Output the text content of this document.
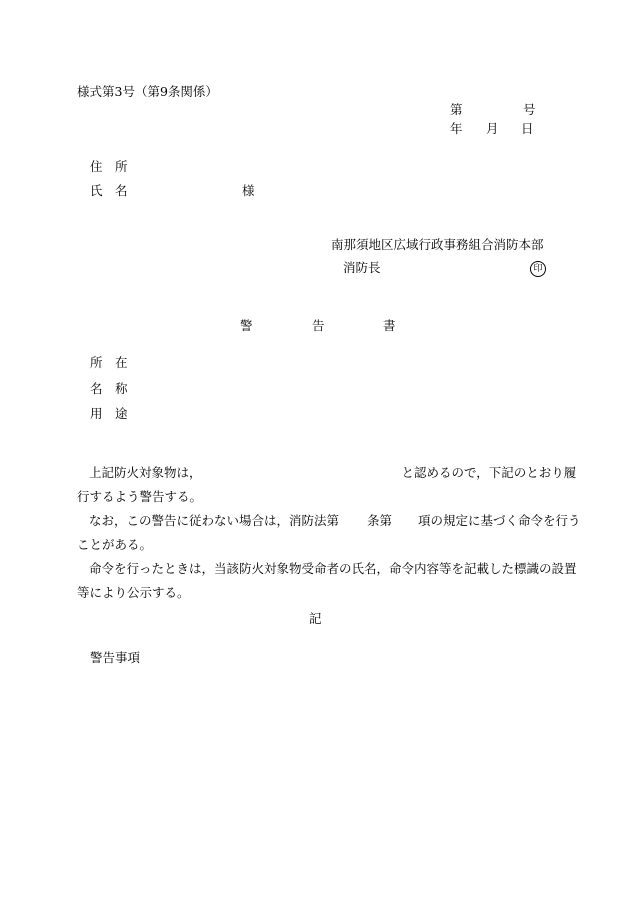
様式第3号（第9条関係）
第	号
年 月 日
住　所
氏　名	様
南那須地区広域行政事務組合消防本部
消防長	印
警	告	書
所　在
名　称
用　途
上記防火対象物は，	と認めるので，下記のとおり履
行するよう警告する。
なお，この警告に従わない場合は，消防法第 条第 項の規定に基づく命令を行う
ことがある。
命令を行ったときは，当該防火対象物受命者の氏名，命令内容等を記載した標識の設置
等により公示する。
記
警告事項
